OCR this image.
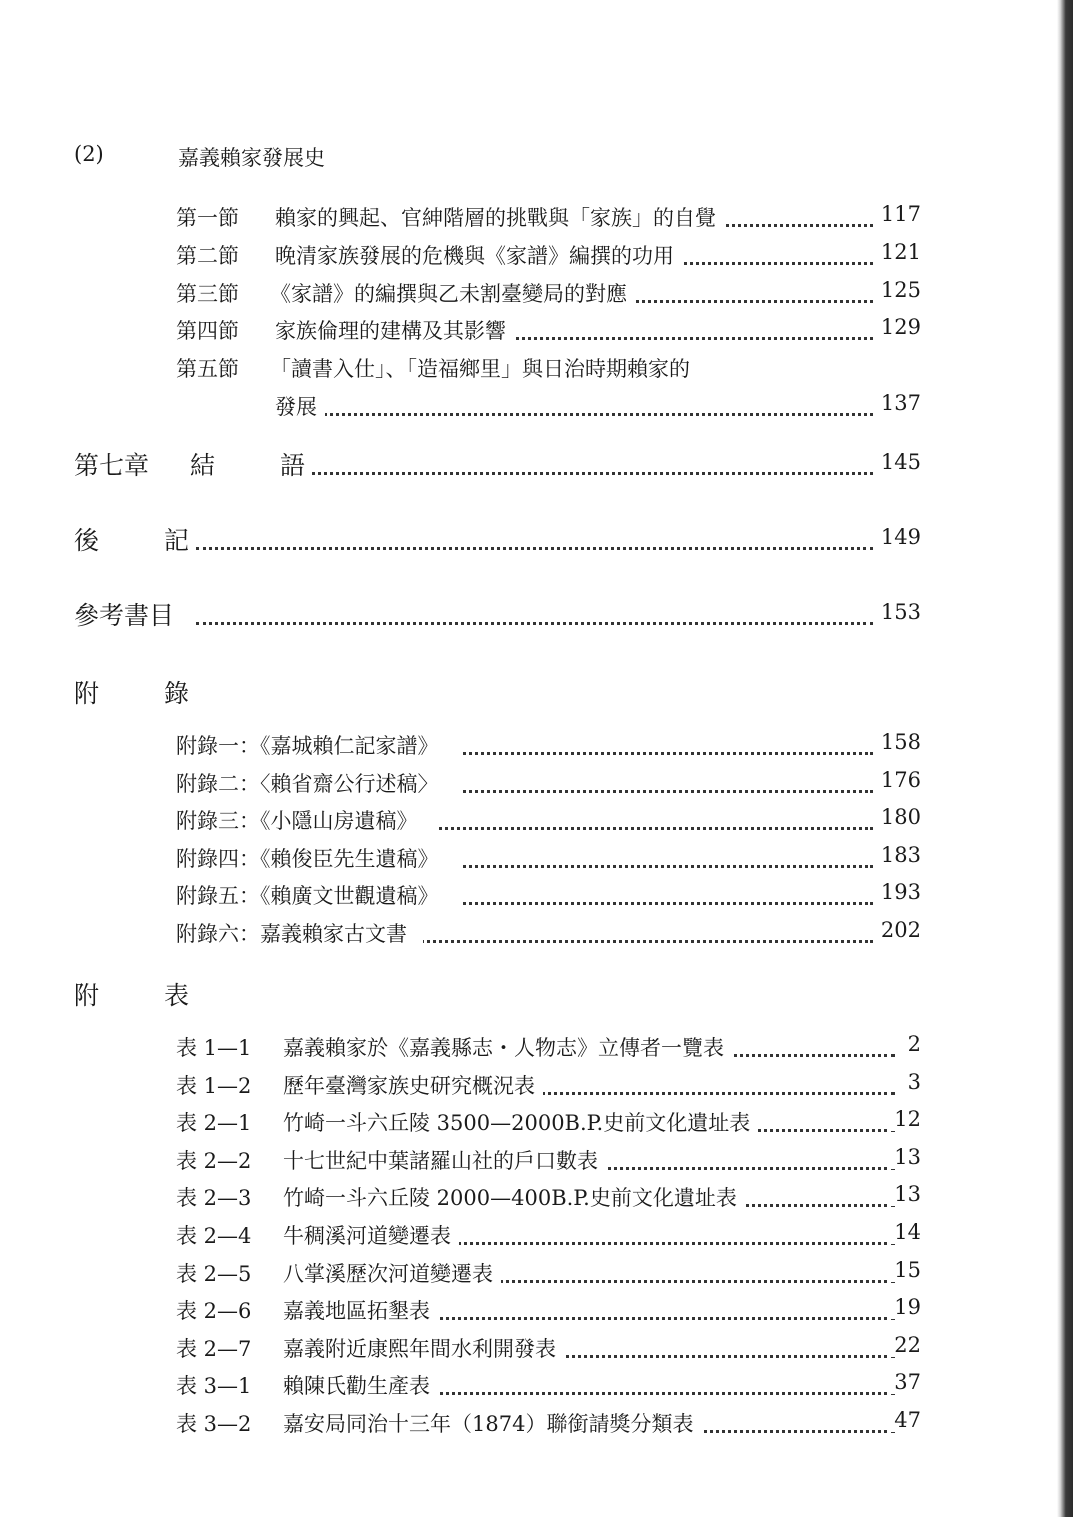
(2)	嘉義賴家發展史
第一節 賴家的興起、官紳階層的挑戰與「家族」的自覺	117
第二節 晚清家族發展的危機與《家譜》編撰的功用	121
第三節 《家譜》的編撰與乙未割臺變局的對應	125
第四節 家族倫理的建構及其影響	129
第五節 「讀書入仕」、「造福鄉里」與日治時期賴家的
發展	137
第七章 結	語	145
後	記	149
參考書目	153
附	錄
附錄一：《嘉城賴仁記家譜》	158
附錄二：〈賴省齋公行述稿〉	176
附錄三：《小隱山房遺稿》	180
附錄四：《賴俊臣先生遺稿》	183
附錄五：《賴廣文世觀遺稿》	193
附錄六：嘉義賴家古文書	202
附	表
表 1—1 嘉義賴家於《嘉義縣志・人物志》立傳者一覽表	2
表 1—2 歷年臺灣家族史研究概況表	3
表 2—1 竹崎一斗六丘陵 3500—2000B.P.史前文化遺址表	12
表 2—2 十七世紀中葉諸羅山社的戶口數表	13
表 2—3 竹崎一斗六丘陵 2000—400B.P.史前文化遺址表	13
表 2—4 牛稠溪河道變遷表	14
表 2—5 八掌溪歷次河道變遷表	15
表 2—6 嘉義地區拓墾表	19
表 2—7 嘉義附近康熙年間水利開發表	22
表 3—1 賴陳氏勸生產表	37
表 3—2 嘉安局同治十三年（1874）聯銜請獎分類表	47
